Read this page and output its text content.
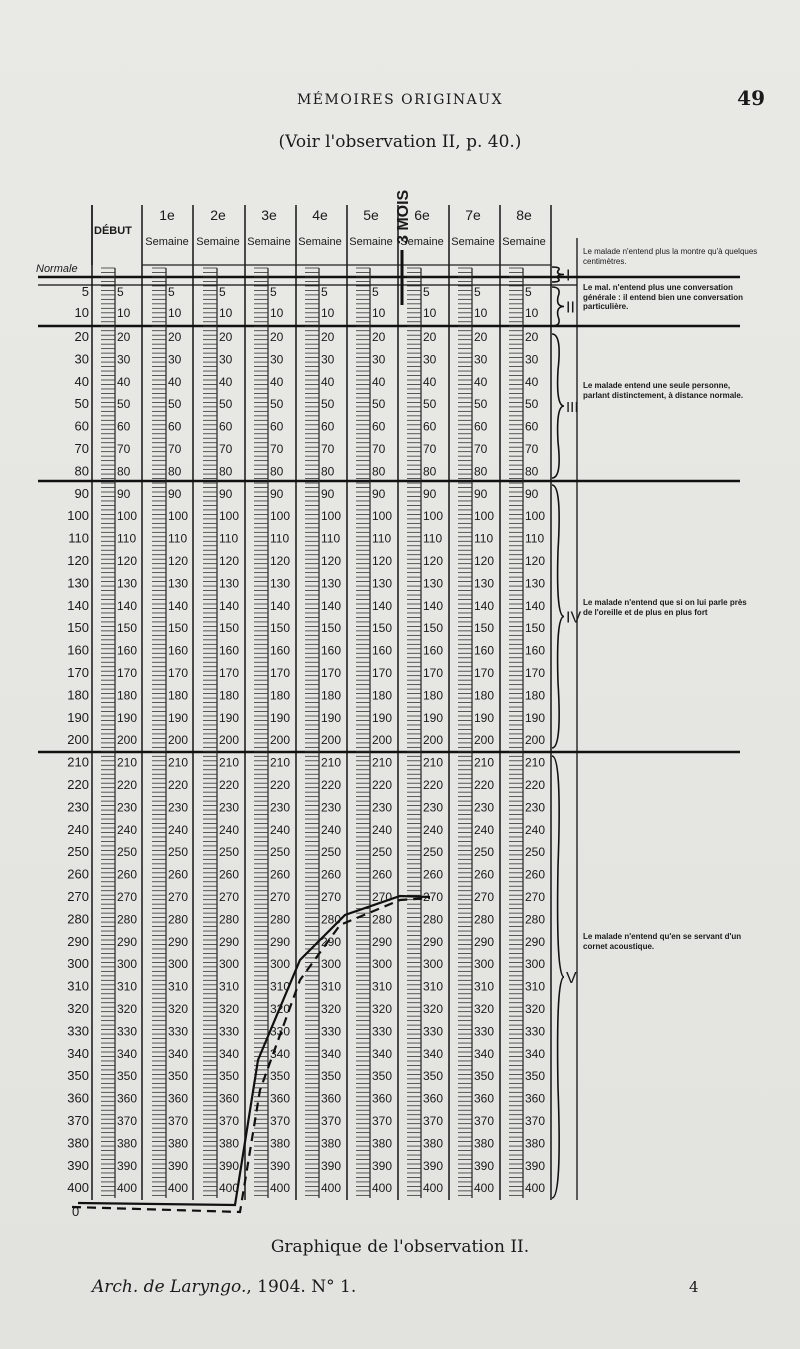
MÉMOIRES ORIGINAUX	49
(Voir l'observation II, p. 40.)
5
10
20
30
40
50
60
70
80
90
100
110
120
130
140
150
160
170
180
190
200
210
220
230
240
250
260
270
280
290
300
310
320
330
340
350
360
370
380
390
400
5
10
20
30
40
50
60
70
80
90
100
110
120
130
140
150
160
170
180
190
200
210
220
230
240
250
260
270
280
290
300
310
320
330
340
350
360
370
380
390
400
5
10
20
30
40
50
60
70
80
90
100
110
120
130
140
150
160
170
180
190
200
210
220
230
240
250
260
270
280
290
300
310
320
330
340
350
360
370
380
390
400
5
10
20
30
40
50
60
70
80
90
100
110
120
130
140
150
160
170
180
190
200
210
220
230
240
250
260
270
280
290
300
310
320
330
340
350
360
370
380
390
400
5
10
20
30
40
50
60
70
80
90
100
110
120
130
140
150
160
170
180
190
200
210
220
230
240
250
260
270
280
290
300
310
320
330
340
350
360
370
380
390
400
5
10
20
30
40
50
60
70
80
90
100
110
120
130
140
150
160
170
180
190
200
210
220
230
240
250
260
270
280
290
300
310
320
330
340
350
360
370
380
390
400
5
10
20
30
40
50
60
70
80
90
100
110
120
130
140
150
160
170
180
190
200
210
220
230
240
250
260
270
280
290
300
310
320
330
340
350
360
370
380
390
400
5
10
20
30
40
50
60
70
80
90
100
110
120
130
140
150
160
170
180
190
200
210
220
230
240
250
260
270
280
290
300
310
320
330
340
350
360
370
380
390
400
5
10
20
30
40
50
60
70
80
90
100
110
120
130
140
150
160
170
180
190
200
210
220
230
240
250
260
270
280
290
300
310
320
330
340
350
360
370
380
390
400
5
10
20
30
40
50
60
70
80
90
100
110
120
130
140
150
160
170
180
190
200
210
220
230
240
250
260
270
280
290
300
310
320
330
340
350
360
370
380
390
400
Normale
0
DÉBUT
1e
Semaine
2e
Semaine
3e
Semaine
4e
Semaine
5e
Semaine
6e
Semaine
7e
Semaine
8e
Semaine
3 MOIS
I
II
III
IV
V
Le malade n'entend plus la montre qu'à quelques centimètres.
Le mal. n'entend plus une conversation générale : il entend bien une conversation particulière.
Le malade entend une seule personne, parlant distinctement, à distance normale.
Le malade n'entend que si on lui parle près de l'oreille et de plus en plus fort
Le malade n'entend qu'en se servant d'un cornet acoustique.
Graphique de l'observation II.
Arch. de Laryngo., 1904. N° 1.	4
